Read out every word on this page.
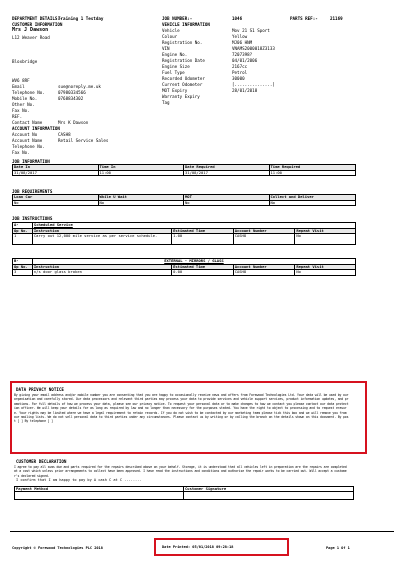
DEPARTMENT DETAILS:-
Training 1 Testday	JOB NUMBER:-	1046	PARTS REF:-	21169
CUSTOMER INFORMATION
Mrs J Dawson
L12 Weaver Road
Bloxbridge
WV6 8RF
Email	sue@noreply.me.uk
Telephone No.	07980334566
Mobile No.	0768834302
Other No.
Fax No.
REF.
Contact Name	Mrs K Dawson
ACCOUNT INFORMATION
Account No	CASH8
Account Name	Retail Service Sales
Telephone No.
Fax No.
VEHICLE INFORMATION
Vehicle	Mov 21 S1 Sport
Colour	Yellow
Registration No.	MJ06 HNM
VIN	VNAMS2000018Z3133
Engine No.	7207398?
Registration Date	04/01/2006
Engine Size	2167cc
Fuel Type	Petrol
Recorded Odometer	30000
Current Odometer	[...............]
MOT Expiry	28/01/2018
Warranty Expiry
Tag
JOB INFORMATION
Date In	Time In	Date Required	Time Required
31/08/2017	11:00	31/08/2017	11:00
JOB REQUIREMENTS
Loan Car	While U Wait	MOT	Collect and Deliver
No	No	No	No
JOB INSTRUCTIONS
A-	Scheduled Service
Op No.	Instruction	Estimated Time	Account Number	Repeat Visit
1	Carry out 12,000 mile service as per service schedule.	1.00	CASH8	No
B-	EXTERNAL - MIRRORS / GLASS
Op No.	Instruction	Estimated Time	Account Number	Repeat Visit
3	n/s door glass broken	0.00	CASH8	No
DATA PRIVACY NOTICE
By giving your email address and/or mobile number you are consenting that you are happy to occasionally receive news and offers from Forewood Technologies Ltd. Your data will be used by our organisation and carefully stored. Our data processors and relevant third parties may process your data to provide services and vehicle support services, product information updates, and promotions. For full details of how we process your data, please see our privacy notice. To request your personal data or to make changes to how we contact you please contact our data protection officer. We will keep your details for as long as required by law and no longer than necessary for the purposes stated. You have the right to object to processing and to request erasure. Your rights may be limited where we have a legal requirement to retain records. If you do not wish to be contacted by our marketing team please tick this box and we will remove you from our mailing lists. We do not sell personal data to third parties under any circumstances. Please contact us by writing or by calling the branch on the details shown on this document. By post [ ] By telephone [ ]
CUSTOMER DECLARATION
I agree to pay all sums due and parts required for the repairs described above on your behalf. Storage, it is understood that all vehicles left in preparation are the repairs are completed at a cost which unless prior arrangements to collect have been approved. I have read the instructions and conditions and authorise the repair works to be carried out. Will accept a customer's declared signed.
I confirm that I am happy to pay by A cash C at C ........
Payment Method	Customer Signature
Copyright © Forewood Technologies PLC 2018	Date Printed: 05/01/2018 09:28:18	Page 1 Of 1
